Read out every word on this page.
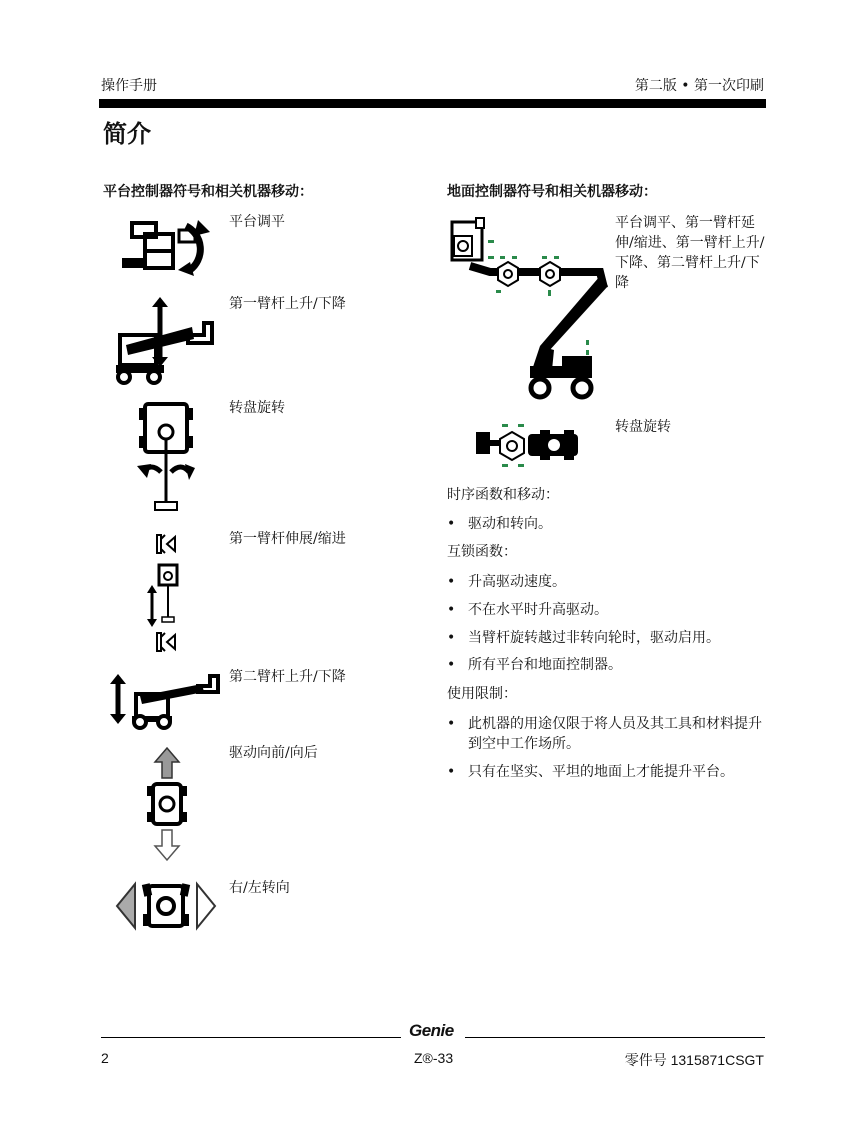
操作手册	第二版 • 第一次印刷
简介
平台控制器符号和相关机器移动：
平台调平
第一臂杆上升/下降
转盘旋转
第一臂杆伸展/缩进
第二臂杆上升/下降
驱动向前/向后
右/左转向
地面控制器符号和相关机器移动：
平台调平、第一臂杆延伸/缩进、第一臂杆上升/下降、第二臂杆上升/下降
转盘旋转
时序函数和移动：
• 驱动和转向。
互锁函数：
• 升高驱动速度。
• 不在水平时升高驱动。
• 当臂杆旋转越过非转向轮时，驱动启用。
• 所有平台和地面控制器。
使用限制：
• 此机器的用途仅限于将人员及其工具和材料提升到空中工作场所。
• 只有在坚实、平坦的地面上才能提升平台。
Genie
2	Z®-33	零件号 1315871CSGT
